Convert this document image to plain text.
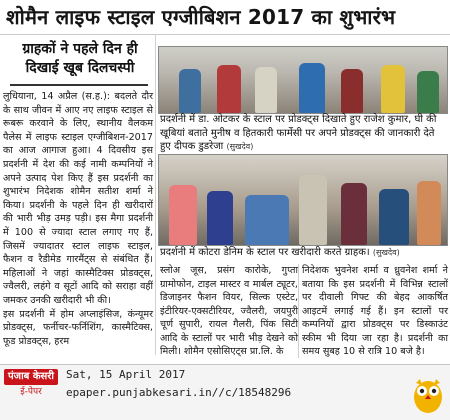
शोमैन लाइफ स्टाइल एग्जीबिशन 2017 का शुभारंभ
ग्राहकों ने पहले दिन ही दिखाई खूब दिलचस्पी

लुधियाना, 14 अप्रैल (स.ह.): बदलते दौर के साथ जीवन में आए नए लाइफ स्टाइल से रूबरू करवाने के लिए, स्थानीय वैलकम पैलेस में लाइफ स्टाइल एग्जीबिशन-2017 का आज आगाज हुआ। 4 दिवसीय इस प्रदर्शनी में देश की कई नामी कम्पनियों ने अपने उत्पाद पेश किए हैं इस प्रदर्शनी का शुभारंभ निदेशक शोमैन सतीश शर्मा ने किया। प्रदर्शनी के पहले दिन ही खरीदारों की भारी भीड़ उमड़ पड़ी। इस मैगा प्रदर्शनी में 100 से ज्यादा स्टाल लगाए गए हैं, जिसमें ज्यादातर स्टाल लाइफ स्टाइल, फैशन व रैडीमेड गारमैंट्स से संबंधित हैं। महिलाओं ने जहां कास्मैटिक्स प्रोडक्ट्स, ज्वैलरी, लहंगे व सूटों आदि को सराहा वहीं जमकर उनकी खरीदारी भी की।

इस प्रदर्शनी में होम अप्लाइंसिज, कंन्यूमर प्रोडक्ट्स, फर्नीचर-फर्निशिंग, कास्मैटिक्स, फूड प्रोडक्ट्स, हरम

प्रदर्शनी में डा. ओटकर के स्टाल पर प्रोडक्ट्स दिखाते हुए राजेश कुमार, घी की खूबियां बताते मुनीष व हितकारी फार्मेसी पर अपने प्रोडक्ट्स की जानकारी देते हुए दीपक डुडरेजा (सुखदेव)
प्रदर्शनी में कोटरा डेनिम के स्टाल पर खरीदारी करते ग्राहक। (सुखदेव)
स्लोअ जूस, प्रसंग कारोके, गुप्ता ग्रामोफोन, टाइल मास्टर व मार्बल ट्यूटर, डिजाइनर फैशन वियर, सिल्क एस्टेट, इंटीरियर-एक्सटीरियर, ज्वैलरी, जयपुरी चूर्ण सुपारी, रायल गैलरी, पिंक सिटी आदि के स्टालों पर भारी भीड़ देखने को मिली। शोमैन एसोसिएट्स प्रा.लि. के
निदेशक भुवनेश शर्मा व ध्रुवनेश शर्मा ने बताया कि इस प्रदर्शनी में विभिन्न स्टालों पर दीवाली गिफ्ट की बेहद आकर्षित आइटमें लगाई गई हैं। इन स्टालों पर कम्पनियों द्वारा प्रोडक्ट्स पर डिस्काउंट स्कीम भी दिया जा रहा है। प्रदर्शनी का समय सुबह 10 से रात्रि 10 बजे है।
पंजाब केसरी
ई-पेपर
Sat, 15 April 2017
epaper.punjabkesari.in//c/18548296
